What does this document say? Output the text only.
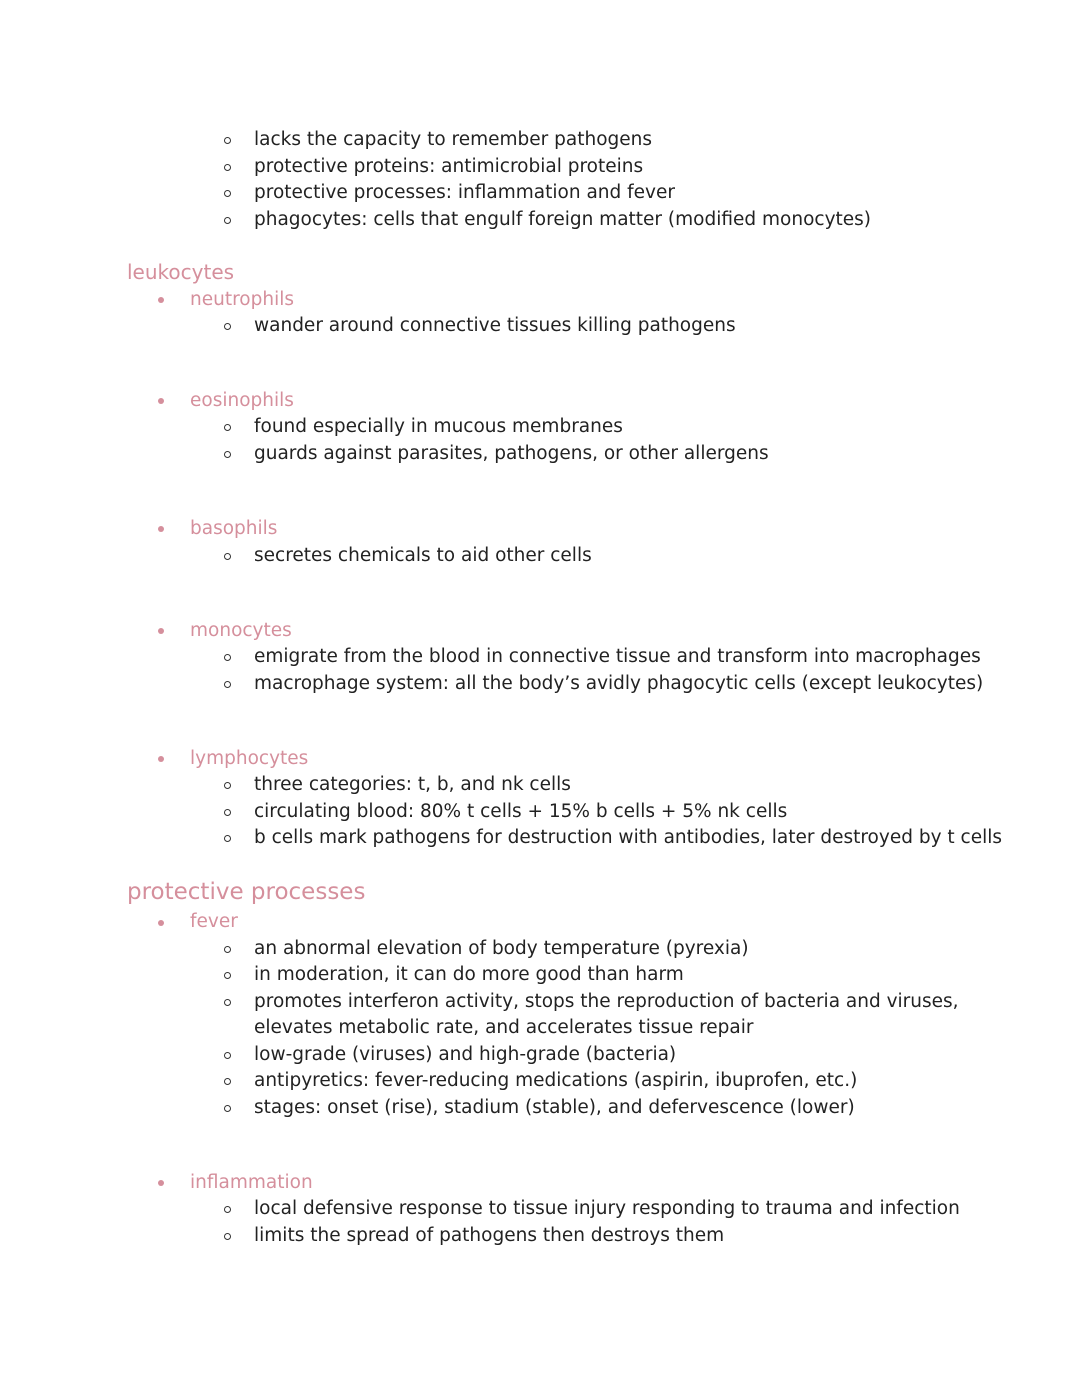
lacks the capacity to remember pathogens
protective proteins: antimicrobial proteins
protective processes: inflammation and fever
phagocytes: cells that engulf foreign matter (modified monocytes)
leukocytes
neutrophils
wander around connective tissues killing pathogens
eosinophils
found especially in mucous membranes
guards against parasites, pathogens, or other allergens
basophils
secretes chemicals to aid other cells
monocytes
emigrate from the blood in connective tissue and transform into macrophages
macrophage system: all the body’s avidly phagocytic cells (except leukocytes)
lymphocytes
three categories: t, b, and nk cells
circulating blood: 80% t cells + 15% b cells + 5% nk cells
b cells mark pathogens for destruction with antibodies, later destroyed by t cells
protective processes
fever
an abnormal elevation of body temperature (pyrexia)
in moderation, it can do more good than harm
promotes interferon activity, stops the reproduction of bacteria and viruses,
elevates metabolic rate, and accelerates tissue repair
low-grade (viruses) and high-grade (bacteria)
antipyretics: fever-reducing medications (aspirin, ibuprofen, etc.)
stages: onset (rise), stadium (stable), and defervescence (lower)
inflammation
local defensive response to tissue injury responding to trauma and infection
limits the spread of pathogens then destroys them
